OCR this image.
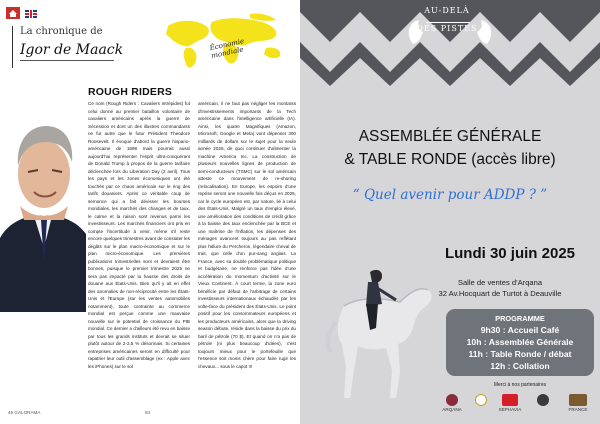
La chronique de
Igor de Maack	Économie mondiale
ROUGH RIDERS
Ce nom (Rough Riders : Cavaliers Intrépides) fut celui donné au premier bataillon volontaire de cavaliers américains après la guerre de Sécession et dont un des illustres commandants ne fut autre que le futur Président Theodore Roosevelt. Il évoque d'abord la guerre hispano-américaine de 1898 mais pourrait aussi aujourd'hui représenter l'esprit ultra-conquérant de Donald Trump à propos de la guerre tarifaire déclenchée lors du Liberation Day (2 avril). Tous les pays et les zones économiques ont été touchés par ce chaos américain sur le ring des tarifs douaniers. Après ce véritable coup de semonce qui a fait dévisser les bourses mondiales, les marchés des changes et de taux, le calme et la raison sont revenus parmi les investisseurs. Les marchés financiers ont pris en compte l'incertitude à venir, même s'il reste encore quelques trimestres avant de constater les dégâts sur le plan macro-économique et sur le plan micro-économique. Les premières publications trimestrielles sont et devraient être bonnes, puisque le premier trimestre 2025 ne sera pas impacté par la hausse des droits de douane aux États-Unis. Bien qu'il y ait en effet des anomalies de non-réciprocité entre les États-Unis et l'Europe (sur les ventes automobiles notamment), toute contrainte au commerce mondial est perçue comme une mauvaise nouvelle sur le potentiel de croissance du PIB mondial. Ce dernier a d'ailleurs été revu en baisse par tous les grands instituts et devrait se situer plutôt autour de 2-2,5 % désormais. Si certaines entreprises américaines seront en difficulté pour rapatrier leur outil d'assemblage (ex : Apple avec les iPhones) sur le sol
américain, il ne faut pas négliger les montants d'investissements importants de la Tech américaine dans l'intelligence artificielle (IA). Ainsi, les quatre Magnifiques (Amazon, Microsoft, Google et Meta) vont dépenser 300 milliards de dollars sur le sujet pour la seule année 2025, de quoi continuer d'alimenter la machine America Inc. La construction de plusieurs nouvelles lignes de production de semi-conducteurs (TSMC) sur le sol américain atteste ce mouvement de re-shoring (relocalisation). En Europe, les espoirs d'une reprise seront une nouvelle fois déçus en 2025, car le cycle européen est, par nature, lié à celui des États-Unis. Malgré un taux d'emploi élevé, une amélioration des conditions de crédit grâce à la baisse des taux enclenchée par la BCE et une maîtrise de l'inflation, les dépenses des ménages avancent toujours au pas reflétant plus l'allure du Percheron, légendaire cheval de trait, que celle d'un pur-sang anglais. La France, avec sa double problématique politique et budgétaire, ne renforce pas l'idée d'une accélération du momentum d'activité sur le Vieux Continent. À court terme, la zone euro bénéficie par défaut de l'arbitrage de certains investisseurs internationaux échaudés par les volte-face du président des États-Unis. Le point positif pour les consommateurs européens et les producteurs américains, alors que la driving season débute, réside dans la baisse du prix du baril de pétrole (70 $). Et quand on n'a pas de pétrole (ni plus beaucoup d'idées), c'est toujours mieux pour le portefeuille que l'essence soit moins chère pour faire rugir les chevaux... sous le capot !!!
49 GALORAMA	84
AU-DELÀ
DES PISTES
ASSEMBLÉE GÉNÉRALE
& TABLE RONDE (accès libre)
“ Quel avenir pour ADDP ? ”
Lundi 30 juin 2025
Salle de ventes d'Arqana
32 Av.Hocquart de Turtot à Deauville
PROGRAMME
9h30 : Accueil Café
10h : Assemblée Générale
11h : Table Ronde / débat
12h : Collation
Merci à nos partenaires
ARQANA	SEPHAVIA	FRANCE
